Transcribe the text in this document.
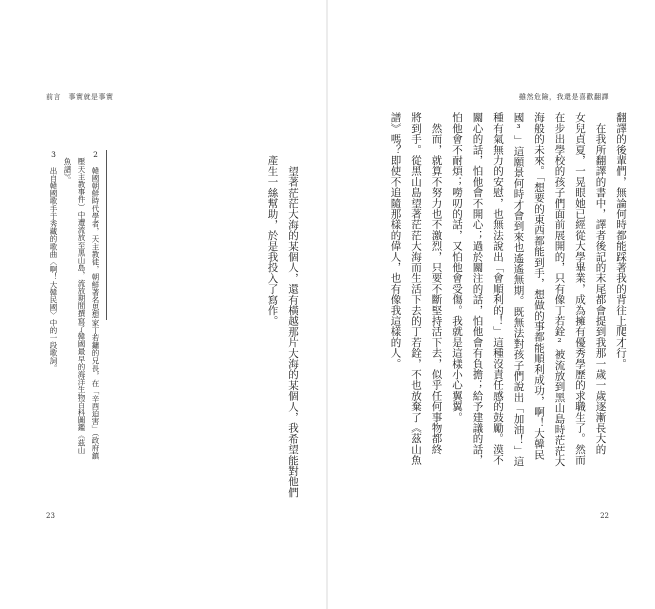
前言　事實就是事實
　望著茫茫大海的某個人，還有橫越那片大海的某個人，我希望能對他們
產生一絲幫助，於是我投入了寫作。
2　韓國朝鮮時代學者，天主教徒，朝鮮著名思想家丁若鏞的兄長，在「辛酉迫害」（政府鎮
　壓天主教事件）中遭流放至黑山島，流放期間撰寫了韓國最早的海洋生物百科圖鑑《茲山
　魚譜》。
3　出自韓國歌手于秀藏的歌曲〈啊！大韓民國〉中的一段歌詞。
23
雖然危險，我還是喜歡翻譯
翻譯的後輩們，無論何時都能踩著我的背往上爬才行。
　在我所翻譯的書中，譯者後記的末尾都會提到我那一歲一歲逐漸長大的
女兒貞夏，一晃眼她已經從大學畢業，成為擁有優秀學歷的求職生了。然而
在步出學校的孩子們面前展開的，只有像丁若銓²被流放到黑山島時茫茫大
海般的未來。「想要的東西都能到手，想做的事都能順利成功，啊！大韓民
國³」這願景何時才會到來也遙遙無期。既無法對孩子們說出「加油！」這
種有氣無力的安慰，也無法說出「會順利的！」這種沒責任感的鼓勵。漠不
關心的話，怕他會不開心；過於關注的話，怕他會有負擔；給予建議的話，
怕他會不耐煩；嘮叨的話，又怕他會受傷。我就是這樣小心翼翼。
　然而，就算不努力也不激烈，只要不斷堅持活下去，似乎任何事物都終
將到手。從黑山島望著茫茫大海而生活下去的丁若銓，不也放棄了《茲山魚
譜》嗎？即使不追隨那樣的偉人，也有像我這樣的人。
22
